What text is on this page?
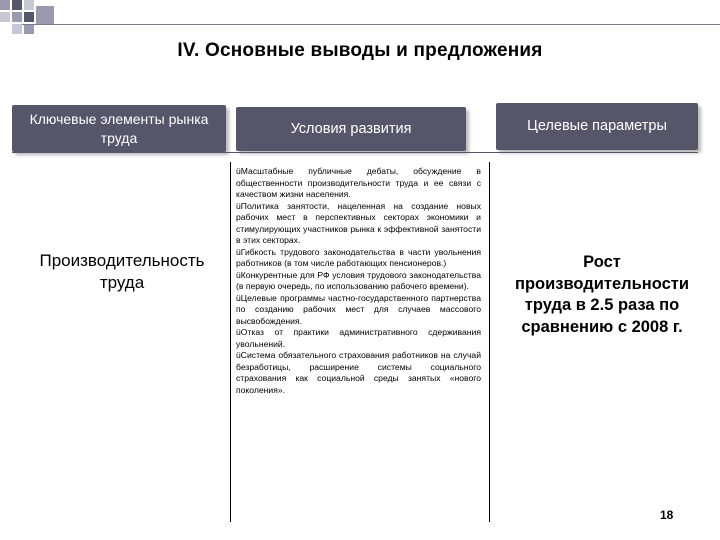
IV. Основные выводы и предложения
Ключевые элементы рынка труда
Условия развития	Целевые параметры
Производительность труда

üМасштабные публичные дебаты, обсуждение в общественности производительности труда и ее связи с качеством жизни населения.

üПолитика занятости, нацеленная на создание новых рабочих мест в перспективных секторах экономики и стимулирующих участников рынка к эффективной занятости в этих секторах.

üГибкость трудового законодательства в части увольнения работников (в том числе работающих пенсионеров.)

üКонкурентные для РФ условия трудового законодательства (в первую очередь, по использованию рабочего времени).

üЦелевые программы частно-государственного партнерства по созданию рабочих мест для случаев массового высвобождения.

üОтказ от практики административного сдерживания увольнений.

üСистема обязательного страхования работников на случай безработицы, расширение системы социального страхования как социальной среды занятых «нового поколения».

Рост производительности труда в 2.5 раза по сравнению с 2008 г.
18
